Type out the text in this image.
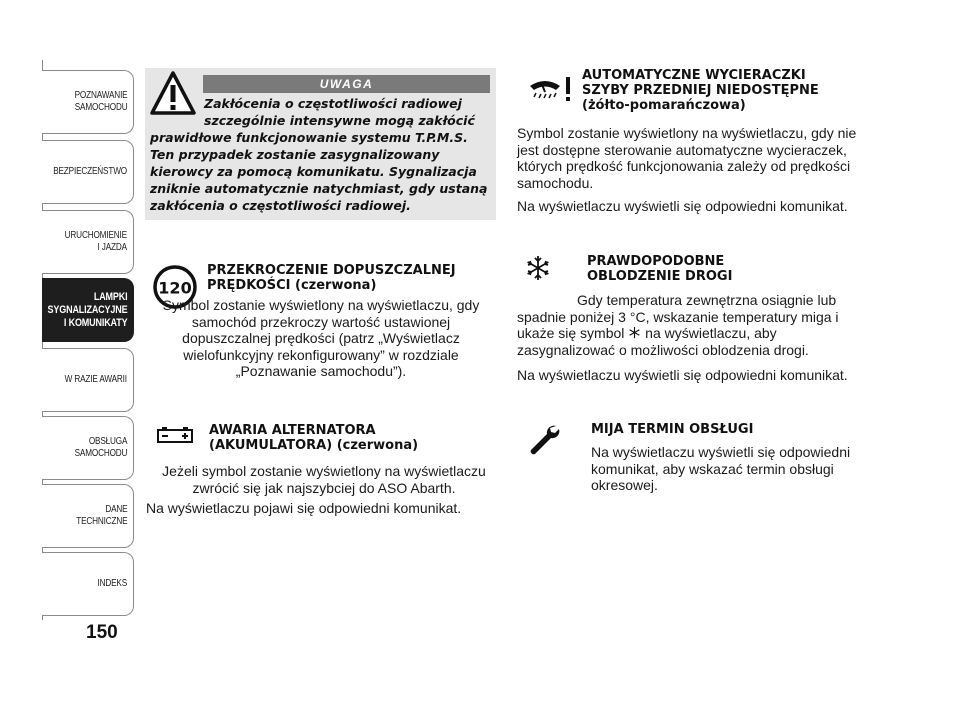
POZNAWANIE
SAMOCHODU
BEZPIECZEŃSTWO
URUCHOMIENIE
I JAZDA
LAMPKI
SYGNALIZACYJNE
I KOMUNIKATY
W RAZIE AWARII
OBSŁUGA
SAMOCHODU
DANE
TECHNICZNE
INDEKS
150
UWAGA
Zakłócenia o częstotliwości radiowej
szczególnie intensywne mogą zakłócić
prawidłowe funkcjonowanie systemu T.P.M.S. Ten przypadek zostanie zasygnalizowany kierowcy za pomocą komunikatu. Sygnalizacja zniknie automatycznie natychmiast, gdy ustaną zakłócenia o częstotliwości radiowej.
120
PRZEKROCZENIE DOPUSZCZALNEJ
PRĘDKOŚCI (czerwona)

Symbol zostanie wyświetlony na wyświetlaczu, gdy samochód przekroczy wartość ustawionej dopuszczalnej prędkości (patrz „Wyświetlacz wielofunkcyjny rekonfigurowany” w rozdziale „Poznawanie samochodu”).

AWARIA ALTERNATORA
(AKUMULATORA) (czerwona)

Jeżeli symbol zostanie wyświetlony na wyświetlaczu zwrócić się jak najszybciej do ASO Abarth.

Na wyświetlaczu pojawi się odpowiedni komunikat.

AUTOMATYCZNE WYCIERACZKI
SZYBY PRZEDNIEJ NIEDOSTĘPNE
(żółto-pomarańczowa)

Symbol zostanie wyświetlony na wyświetlaczu, gdy nie jest dostępne sterowanie automatyczne wycieraczek, których prędkość funkcjonowania zależy od prędkości samochodu.

Na wyświetlaczu wyświetli się odpowiedni komunikat.

PRAWDOPODOBNE
OBLODZENIE DROGI

Gdy temperatura zewnętrzna osiągnie lub spadnie poniżej 3 °C, wskazanie temperatury miga i ukaże się symbol na wyświetlaczu, aby zasygnalizować o możliwości oblodzenia drogi.

Na wyświetlaczu wyświetli się odpowiedni komunikat.

MIJA TERMIN OBSŁUGI

Na wyświetlaczu wyświetli się odpowiedni komunikat, aby wskazać termin obsługi okresowej.
